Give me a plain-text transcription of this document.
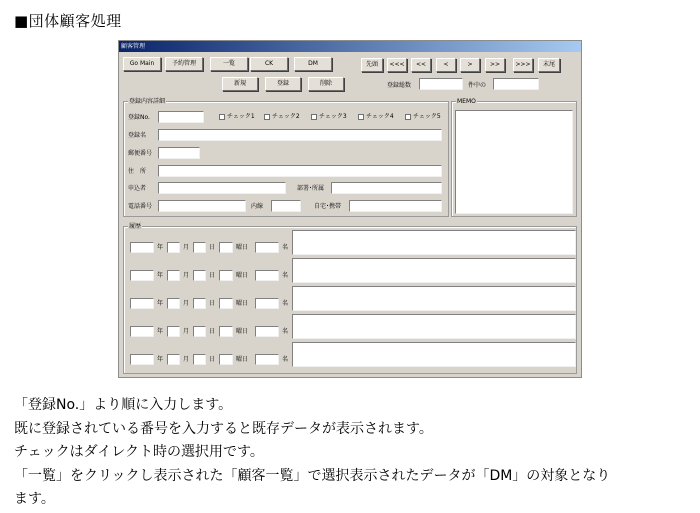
■団体顧客処理
顧客管理
Go Main	予約管理	一覧	CK	DM	先頭	<<<	<<	<	>	>>	>>>	末尾
新規	登録	削除	登録総数	件中の
登録内容詳細
登録No.	チェック1	チェック2	チェック3	チェック4	チェック5
登録名
郵便番号
住　所
申込者	部署･所属
電話番号	内線	自宅･携帯
MEMO
履歴
年	月	日	曜日	名
年	月	日	曜日	名
年	月	日	曜日	名
年	月	日	曜日	名
年	月	日	曜日	名
「登録No.」より順に入力します。
既に登録されている番号を入力すると既存データが表示されます。
チェックはダイレクト時の選択用です。
「一覧」をクリックし表示された「顧客一覧」で選択表示されたデータが「DM」の対象となり
ます。
